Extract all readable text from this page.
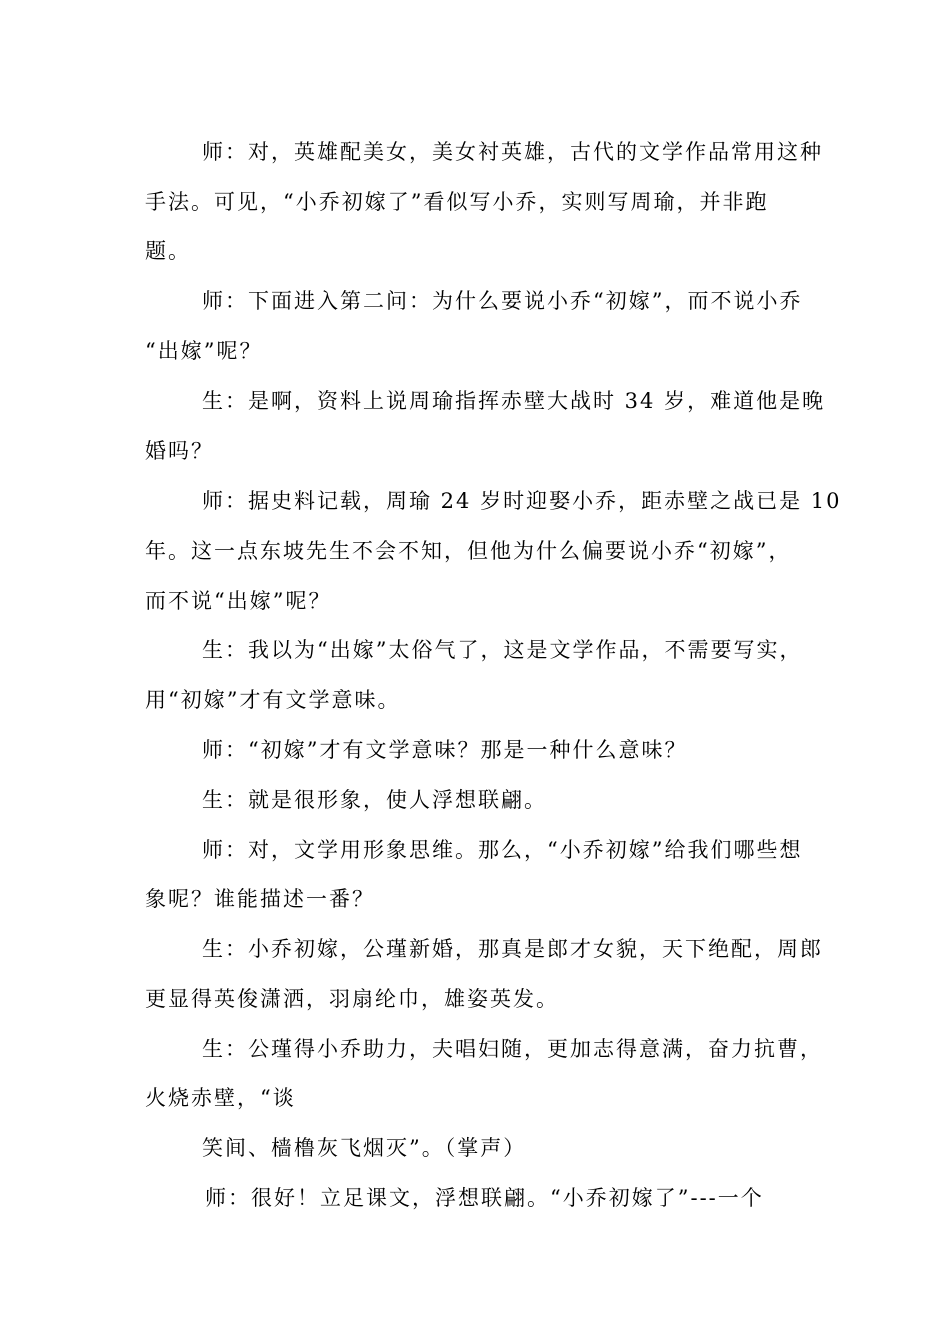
师：对，英雄配美女，美女衬英雄，古代的文学作品常用这种
手法。可见，“小乔初嫁了”看似写小乔，实则写周瑜，并非跑
题。
师：下面进入第二问：为什么要说小乔“初嫁”，而不说小乔
“出嫁”呢？
生：是啊，资料上说周瑜指挥赤壁大战时 34 岁，难道他是晚
婚吗？
师：据史料记载，周瑜 24 岁时迎娶小乔，距赤壁之战已是 10
年。这一点东坡先生不会不知，但他为什么偏要说小乔“初嫁”，
而不说“出嫁”呢？
生：我以为“出嫁”太俗气了，这是文学作品，不需要写实，
用“初嫁”才有文学意味。
师：“初嫁”才有文学意味？那是一种什么意味？
生：就是很形象，使人浮想联翩。
师：对，文学用形象思维。那么，“小乔初嫁”给我们哪些想
象呢？谁能描述一番？
生：小乔初嫁，公瑾新婚，那真是郎才女貌，天下绝配，周郎
更显得英俊潇洒，羽扇纶巾，雄姿英发。
生：公瑾得小乔助力，夫唱妇随，更加志得意满，奋力抗曹，
火烧赤壁，“谈
笑间、樯橹灰飞烟灭”。（掌声）
师：很好！立足课文，浮想联翩。“小乔初嫁了”---一个
